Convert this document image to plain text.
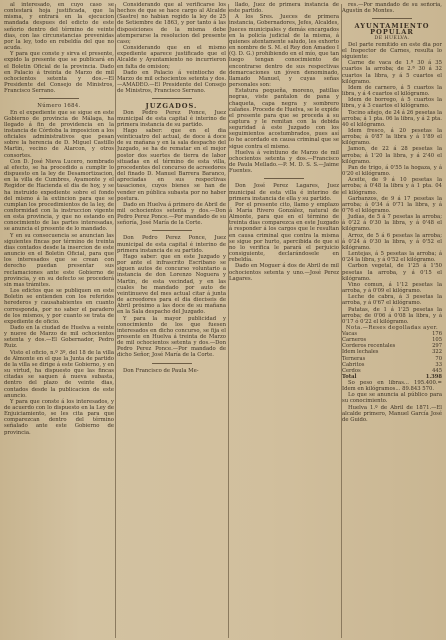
al interesado, en cuyo caso se contestará hoja justificada, que la misma, y entrará en la ejecucion mandada despues del edicto de este señorio dentro del término de veinte dias, con las circunstancias prevenidas por la ley, todo en rebeldía del que no acuda.

Y para que conste y sirva el presente, expido la presente que se publicará en el Boletin Oficial de la provincia. Dado en Palacio á treinta de Marzo de mil ochocientos setenta y dos.—El Presidente del Consejo de Ministros, Francisco Serrano.

Número 1684.

En el expediente que se sigue en este Gobierno de provincia de Málaga, ha llegado á fin de providencia en la instancia de Córdoba la imposicion a los oficiales administrativos que pesan sobre la herencia de D. Miguel Castillo Martin, vecino de Alarcon, y otros consortes.

Con D. José Nieva Lucero, nombrado al efecto, se ha procedido a cumplir lo dispuesto en la ley de Desamortizacion, en la villa de Cumbres, Ayamonte y el Regidor de Hacienda el dia de hoy, y se ha instruido expediente sobre el fondo del mismo á la extincion para que se cumplan los procedimientos de la ley, de conformidad con la instruccion vigente en esta provincia, y que no estando en conocimiento de las partes interesadas, se anuncia el presente de lo mandado.

Y en su consecuencia se anuncian las siguientes fincas por término de treinta dias contados desde la insercion de este anuncio en el Boletin Oficial, para que los interesados que se crean con derecho puedan presentar sus reclamaciones ante este Gobierno de provincia, y en su defecto se procederá sin mas trámites.

Los edictos que se publiquen en este Boletin se entienden con los referidos herederos y causahabientes en cuanto corresponda, por no saber el paradero de los mismos, y por cuanto se trata de expediente de oficio.

Dado en la ciudad de Huelva a veinte y nueve de Marzo de mil ochocientos setenta y dos.—El Gobernador, Pedro Ruiz.

Visto el oficio, n.º 3º, del 18 de la villa de Almonte en el que la Junta de partido de la villa se dirige á este Gobierno, y en su virtud, ha dispuesto que las fincas citadas se saquen á nueva subasta, dentro del plazo de veinte dias, contados desde la publicacion de este anuncio.

Y para que conste á los interesados, y de acuerdo con lo dispuesto en la Ley de Enjuiciamiento, se les cita para que comparezcan dentro del término señalado ante este Gobierno de provincia.

Considerando que al verificarse los hechos de que se hace cargo al Alcalde (Sastre) no habian regido la ley de 25 de Setiembre de 1863, y por tanto á las disposiciones de la misma debe atemperarse la resolucion del presente caso;

Considerando que en el mismo expediente aparece justificado que el Alcalde y Ayuntamiento no incurrieron en falta de omision;

Dado en Palacio á veintiocho de Marzo de mil ochocientos setenta y dos.—AMADEO.—El Presidente del Consejo de Ministros, Francisco Serrano.

JUZGADOS.

Don Pedro Perez Ponce, Juez municipal de esta capital é interino de primera instancia de su partido.

Hago saber: que en el dia veinticuatro del actual, de doce á doce de su mañana y en la sala despacho del Juzgado, se ha de rematar en el mejor postor dos suertes de tierra de labor situadas en el término de esta villa, procedentes del concurso de acreedores del finado D. Manuel Barrera Baranco, apreciadas en sus respectivas tasaciones, cuyos bienes se han de vender en pública subasta por no haber postura.

Dado en Huelva á primero de Abril de mil ochocientos setenta y dos.—Don Pedro Perez Ponce.—Por mandado de su señoría, José María de la Corte.

Don Pedro Perez Ponce, Juez municipal de esta capital é interino de primera instancia de su partido.

Hago saber: que en este Juzgado y por ante el infrascrito Escribano se siguen autos de concurso voluntario a instancia de don Lorenzo Noguera y Martin, de esta vecindad, y en las cuales he mandado por auto de veintinueve del mes actual citar á junta de acreedores para el dia dieciseis de Abril próximo a las doce de su mañana en la Sala despacho del Juzgado.

Y para la mayor publicidad y conocimiento de los que fuesen interesados en dicho concurso, se fija el presente en Huelva á treinta de Marzo de mil ochocientos setenta y dos.—Don Pedro Perez Ponce.—Por mandado de dicho Señor, José María de la Corte.

Don Francisco de Paula Me-

llado, Juez de primera instancia de este partido.

A los Sres. Jueces de primera instancia, Gobernadores, Jefes, Alcaldes, Jueces municipales y demás encargados en la policía judicial de la misma, á quienes atentamente saludo, les exhorto en nombre de S. M. el Rey don Amadeo I (Q. D. G.) prohibiendo en el mío, que tan luego tengan conocimiento de encontrarse dentro de sus respectivas demarcaciones un jóven denominado, llamado Manuel, y cuyas señas personales son:

Estatura pequeña, moreno, patillas negras, viste pantalon de pana y chaqueta, capa negra y sombrero calañes. Procede de Huelva, se le expide el presente para que se proceda á su captura y le remitan con la debida seguridad á este Juzgado con los seguimientos acostumbrados, pues así lo he acordado en causa criminal que se sigue contra el mismo.

Huelva á veintiuno de Marzo de mil ochocientos setenta y dos.—Francisco de Paula Mellado.—P. M. D. S. S.—Jaime Fuentes.

Don José Perez Lagares, Juez municipal de esta villa é interino de primera instancia de ella y su partido.

Por el presente cito, llamo y emplazo á María Rivero González, natural de Almonte, para que en el término de treinta dias comparezca en este Juzgado á responder á los cargos que le resultan en causa criminal que contra la misma se sigue por hurto, apercibida de que si no lo verifica le parará el perjuicio consiguiente, declarándosele en rebeldía.

Dado en Moguer á dos de Abril de mil ochocientos setenta y uno.—José Perez Lagares.

res.—Por mandado de su señoria, Agustín de Montes.

AYUNTAMIENTO POPULAR

DE HUELVA.

Del parte remitido en este dia por el Inspector de Carnes, resulta lo siguiente:

Carne de vaca de 1.ª 30 á 35 cuartos la arroba; de 2.ª 30 á 32 cuartos la libra, y á 5 cuartos el kilógramo.

Idem de carnero, á 5 cuartos la libra, y á 4 cuartos el kilógramo.

Idem de borrego, á 5 cuartos la libra, y á 3 cuartos el kilógramo.

Tocino añejo, de 24 á 26 pesetas la arroba; á 1 pta. 06 la libra, y á 2 pta. 40 el kilógramo.

Idem fresco, á 20 pesetas la arroba; á 0'87 la libra y á 1'89 el kilógramo.

Jamon, de 22 á 28 pesetas la arroba; á 1'20 la libra, y á 2'40 el kilógramo.

Pan de trigo, á 0'55 la hogaza, y á 0'20 el kilógramo.

Aceite, de 9 á 10 pesetas la arroba; á 0'48 la libra y á 1 pta. 04 el kilógramo.

Garbanzos, de 9 á 17 pesetas la arroba; á 0'34 á 0'71 la libra, y á 0'76 el kilógramo.

Judías, de 5 á 7 pesetas la arroba; á 0'22 á 0'30 la libra, y á 0'48 el kilógramo.

Arroz, de 5 á 6 pesetas la arroba; á 0'24 á 0'30 la libra, y á 0'52 el kilógramo.

Lentejas, á 5 pesetas la arroba; á 0'24 la libra, y á 0'52 el kilógramo.

Carbon vegetal, de 1'25 á 1'50 pesetas la arroba, y á 0'15 el kilógramo.

Vino comun, á 1'12 pesetas la arroba, y á 0'09 el kilógramo.

Leche de cabra, á 3 pesetas la arroba, y á 0'67 el kilógramo.

Patatas, de 1 á 1'25 pesetas la arroba; de 0'06 á 0'08 la libra, y á 0'17 ó 0'22 el kilógramo.

Nota.—Reses degolladas ayer.

Vacas	176
Carneros	105
Corderos recentales	297
Idem lechales	322
Terneras	70
Cabritos	33
Cerdos	445
Total	1.398

So peso en libras... 195.400.= Idem en kilógramos... 89.843 570.

Lo que se anuncia al público para su conocimiento.

Huelva 1.º de Abril de 1871.—El alcalde primero, Manuel García José de Guido.
